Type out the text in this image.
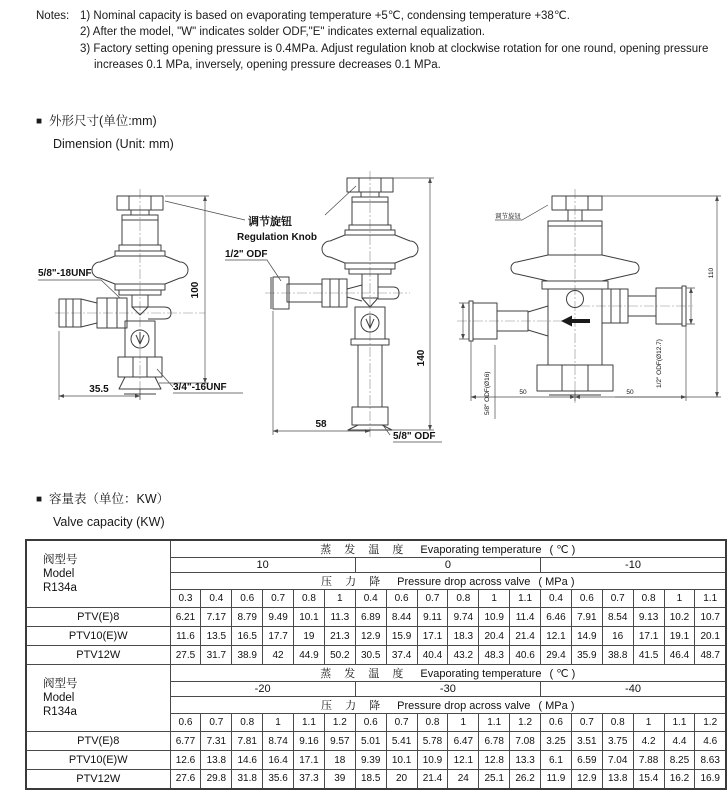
Notes: 1) Nominal capacity is based on evaporating temperature +5℃, condensing temperature +38℃.
2) After the model, "W" indicates solder ODF,"E" indicates external equalization.
3) Factory setting opening pressure is 0.4MPa. Adjust regulation knob at clockwise rotation for one round, opening pressure increases 0.1 MPa, inversely, opening pressure decreases 0.1 MPa.
■ 外形尺寸(单位:mm)
Dimension (Unit: mm)
100
35.5
5/8"-18UNF
3/4"-16UNF
调节旋钮
Regulation Knob
140
58
1/2" ODF
5/8" ODF
110
50	50
5/8" ODF(Ø16)
1/2" ODF(Ø12.7)
调节旋钮
■ 容量表（单位：KW）
Valve capacity (KW)
阀型号
Model
R134a	蒸 发 温 度 Evaporating temperature ( ℃ )																	
	10						0						-10					
	压 力 降 Pressure drop across valve ( MPa )																	
	0.3	0.4	0.6	0.7	0.8	1	0.4	0.6	0.7	0.8	1	1.1	0.4	0.6	0.7	0.8	1	1.1
PTV(E)8	6.21	7.17	8.79	9.49	10.1	11.3	6.89	8.44	9.11	9.74	10.9	11.4	6.46	7.91	8.54	9.13	10.2	10.7
PTV10(E)W	11.6	13.5	16.5	17.7	19	21.3	12.9	15.9	17.1	18.3	20.4	21.4	12.1	14.9	16	17.1	19.1	20.1
PTV12W	27.5	31.7	38.9	42	44.9	50.2	30.5	37.4	40.4	43.2	48.3	40.6	29.4	35.9	38.8	41.5	46.4	48.7

阀型号
Model
R134a	蒸 发 温 度 Evaporating temperature ( ℃ )																	
	-20						-30						-40					
	压 力 降 Pressure drop across valve ( MPa )																	
	0.6	0.7	0.8	1	1.1	1.2	0.6	0.7	0.8	1	1.1	1.2	0.6	0.7	0.8	1	1.1	1.2
PTV(E)8	6.77	7.31	7.81	8.74	9.16	9.57	5.01	5.41	5.78	6.47	6.78	7.08	3.25	3.51	3.75	4.2	4.4	4.6
PTV10(E)W	12.6	13.8	14.6	16.4	17.1	18	9.39	10.1	10.9	12.1	12.8	13.3	6.1	6.59	7.04	7.88	8.25	8.63
PTV12W	27.6	29.8	31.8	35.6	37.3	39	18.5	20	21.4	24	25.1	26.2	11.9	12.9	13.8	15.4	16.2	16.9
